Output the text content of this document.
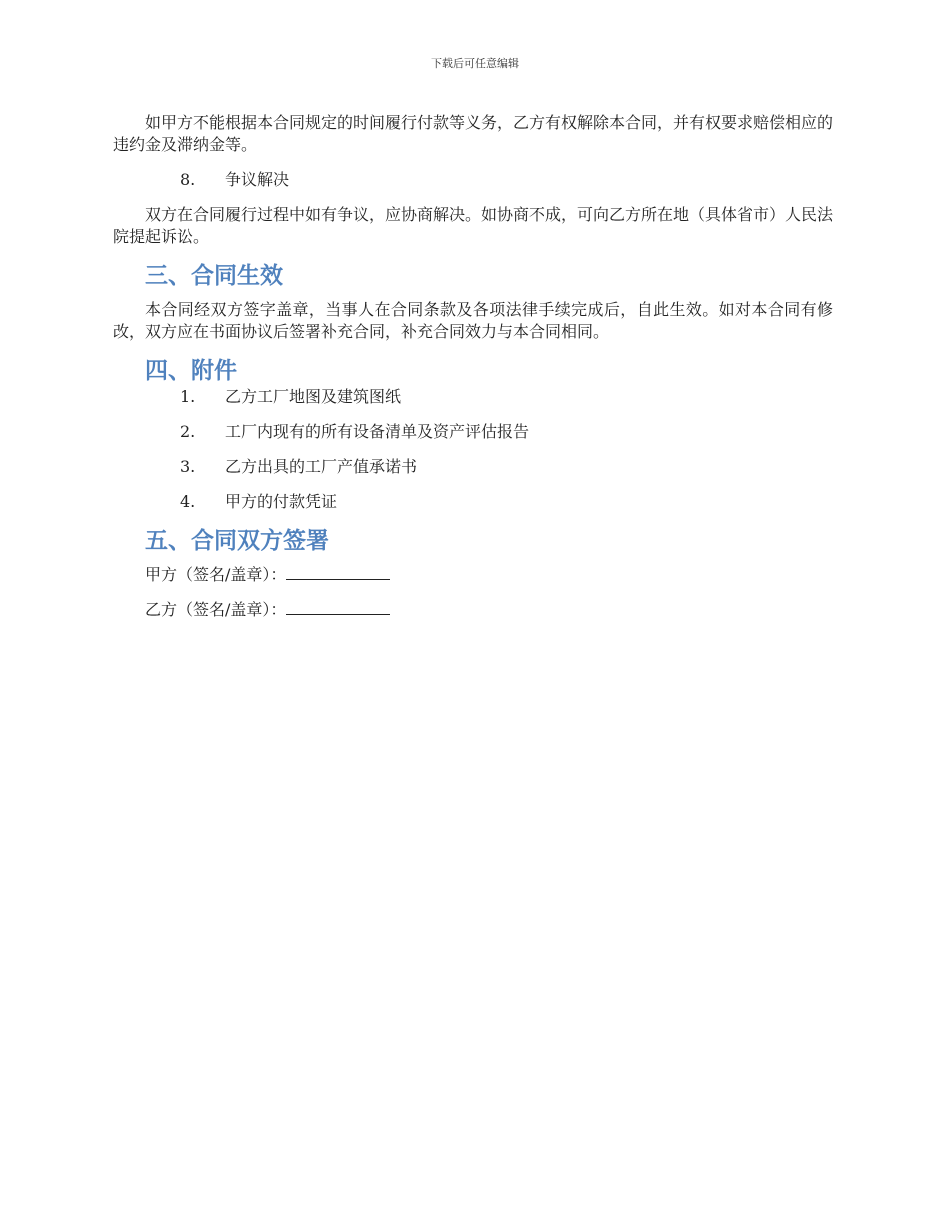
下载后可任意编辑

如甲方不能根据本合同规定的时间履行付款等义务，乙方有权解除本合同，并有权要求赔偿相应的违约金及滞纳金等。

8.	争议解决

双方在合同履行过程中如有争议，应协商解决。如协商不成，可向乙方所在地（具体省市）人民法院提起诉讼。

三、合同生效

本合同经双方签字盖章，当事人在合同条款及各项法律手续完成后，自此生效。如对本合同有修改，双方应在书面协议后签署补充合同，补充合同效力与本合同相同。

四、附件
1.	乙方工厂地图及建筑图纸
2.	工厂内现有的所有设备清单及资产评估报告
3.	乙方出具的工厂产值承诺书
4.	甲方的付款凭证
五、合同双方签署
甲方（签名/盖章）：
乙方（签名/盖章）：
